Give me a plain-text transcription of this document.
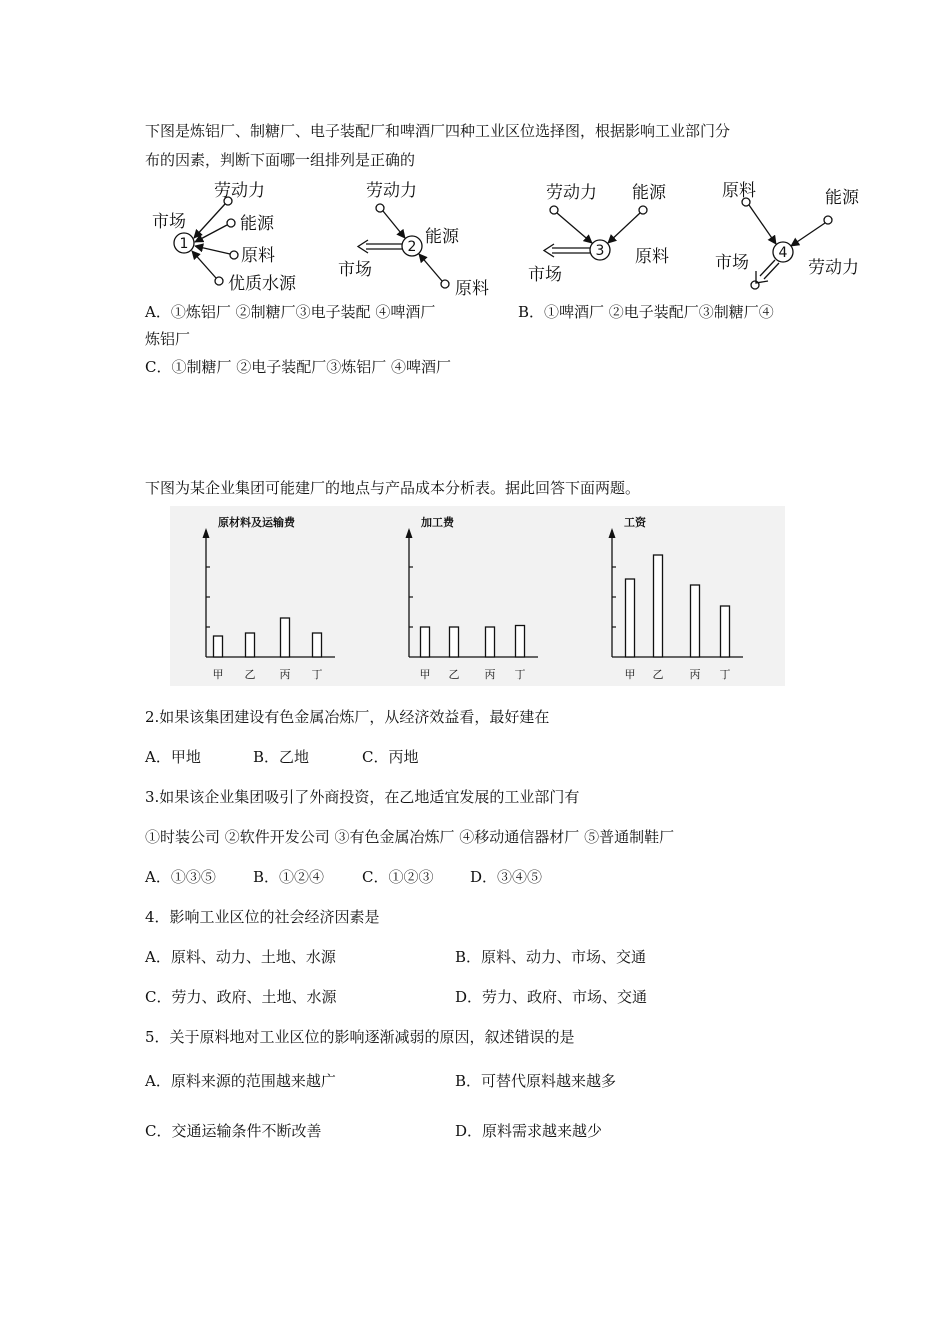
下图是炼铝厂、制糖厂、电子装配厂和啤酒厂四种工业区位选择图，根据影响工业部门分
布的因素，判断下面哪一组排列是正确的
1
劳动力
市场	能源
原料
优质水源
2
劳动力
能源
市场
原料
3
劳动力 能源
市场
原料	4
原料	能源
市场	劳动力
A．①炼铝厂 ②制糖厂③电子装配 ④啤酒厂	B．①啤酒厂 ②电子装配厂③制糖厂④
炼铝厂
C．①制糖厂 ②电子装配厂③炼铝厂 ④啤酒厂
下图为某企业集团可能建厂的地点与产品成本分析表。据此回答下面两题。
原材料及运输费
甲 乙 丙 丁
加工费
甲 乙 丙 丁
工资
甲 乙 丙 丁
2.如果该集团建设有色金属冶炼厂，从经济效益看，最好建在
A．甲地	B．乙地	C．丙地
3.如果该企业集团吸引了外商投资，在乙地适宜发展的工业部门有
①时装公司 ②软件开发公司 ③有色金属冶炼厂 ④移动通信器材厂 ⑤普通制鞋厂
A．①③⑤ B．①②④	C．①②③ D．③④⑤
4．影响工业区位的社会经济因素是
A．原料、动力、土地、水源	B．原料、动力、市场、交通
C．劳力、政府、土地、水源	D．劳力、政府、市场、交通
5．关于原料地对工业区位的影响逐渐减弱的原因，叙述错误的是
A．原料来源的范围越来越广	B．可替代原料越来越多
C．交通运输条件不断改善	D．原料需求越来越少
